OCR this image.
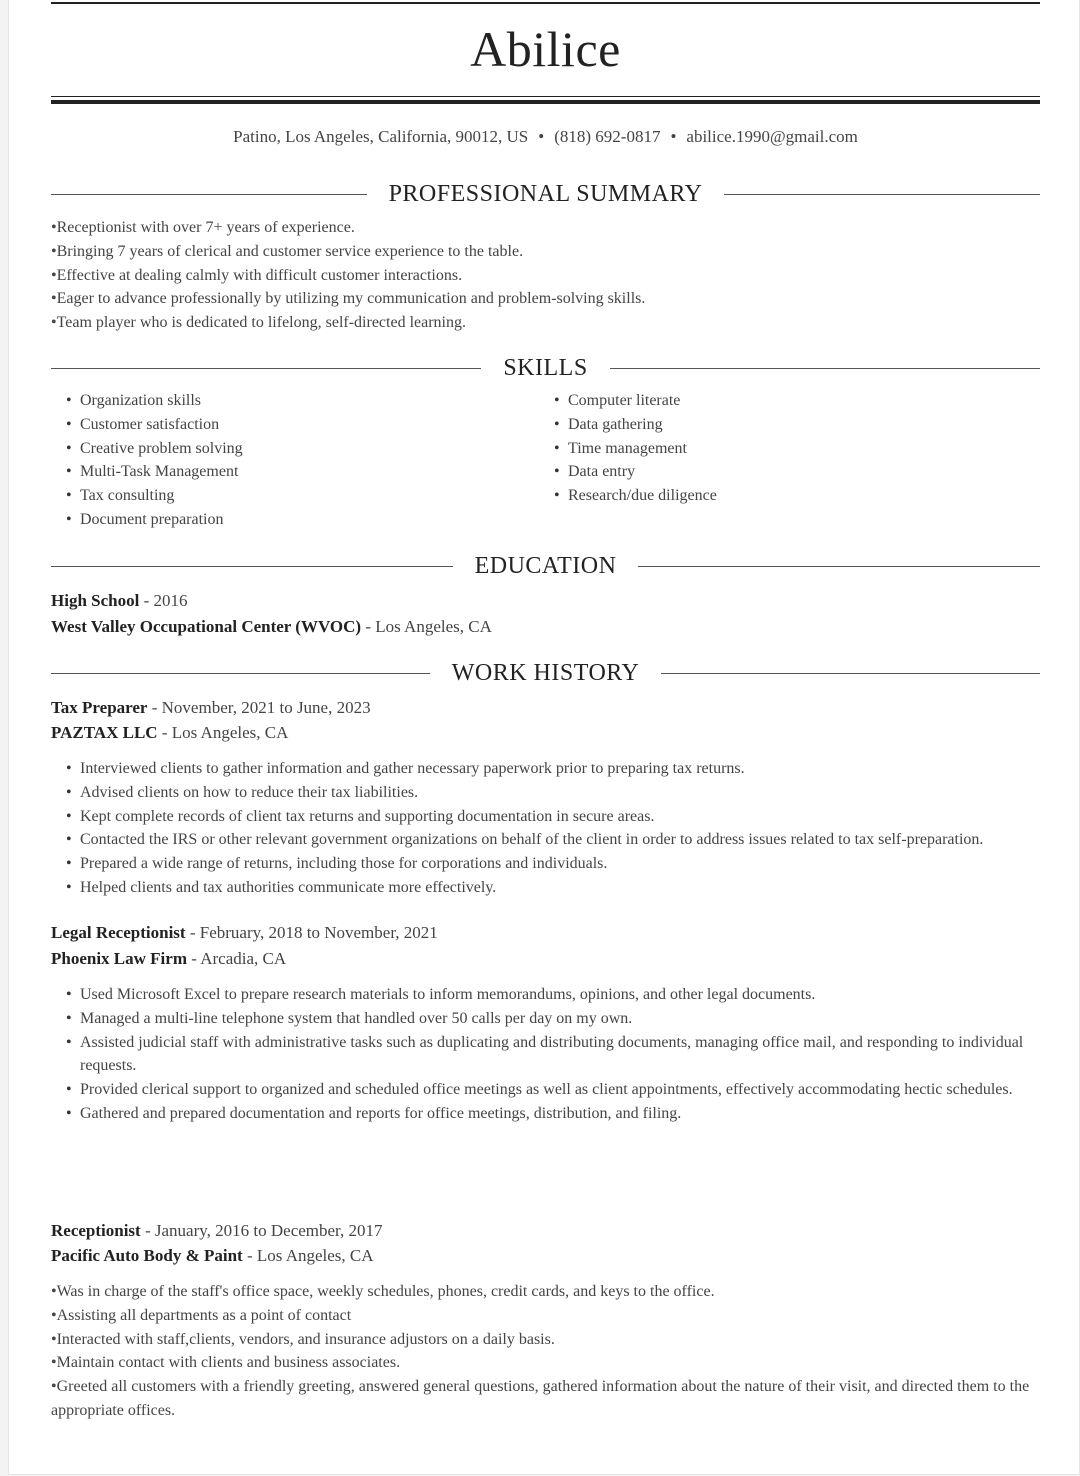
Abilice
Patino, Los Angeles, California, 90012, US • (818) 692-0817 • abilice.1990@gmail.com
PROFESSIONAL SUMMARY
•Receptionist with over 7+ years of experience.
•Bringing 7 years of clerical and customer service experience to the table.
•Effective at dealing calmly with difficult customer interactions.
•Eager to advance professionally by utilizing my communication and problem-solving skills.
•Team player who is dedicated to lifelong, self-directed learning.
SKILLS
• Organization skills
• Customer satisfaction
• Creative problem solving
• Multi-Task Management
• Tax consulting
• Document preparation
• Computer literate
• Data gathering
• Time management
• Data entry
• Research/due diligence
EDUCATION
High School - 2016
West Valley Occupational Center (WVOC) - Los Angeles, CA
WORK HISTORY
Tax Preparer - November, 2021 to June, 2023
PAZTAX LLC - Los Angeles, CA
• Interviewed clients to gather information and gather necessary paperwork prior to preparing tax returns.
• Advised clients on how to reduce their tax liabilities.
• Kept complete records of client tax returns and supporting documentation in secure areas.
• Contacted the IRS or other relevant government organizations on behalf of the client in order to address issues related to tax self-preparation.
• Prepared a wide range of returns, including those for corporations and individuals.
• Helped clients and tax authorities communicate more effectively.
Legal Receptionist - February, 2018 to November, 2021
Phoenix Law Firm - Arcadia, CA
• Used Microsoft Excel to prepare research materials to inform memorandums, opinions, and other legal documents.
• Managed a multi-line telephone system that handled over 50 calls per day on my own.
• Assisted judicial staff with administrative tasks such as duplicating and distributing documents, managing office mail, and responding to individual requests.
• Provided clerical support to organized and scheduled office meetings as well as client appointments, effectively accommodating hectic schedules.
• Gathered and prepared documentation and reports for office meetings, distribution, and filing.
Receptionist - January, 2016 to December, 2017
Pacific Auto Body & Paint - Los Angeles, CA
•Was in charge of the staff's office space, weekly schedules, phones, credit cards, and keys to the office.
•Assisting all departments as a point of contact
•Interacted with staff,clients, vendors, and insurance adjustors on a daily basis.
•Maintain contact with clients and business associates.
•Greeted all customers with a friendly greeting, answered general questions, gathered information about the nature of their visit, and directed them to the appropriate offices.
